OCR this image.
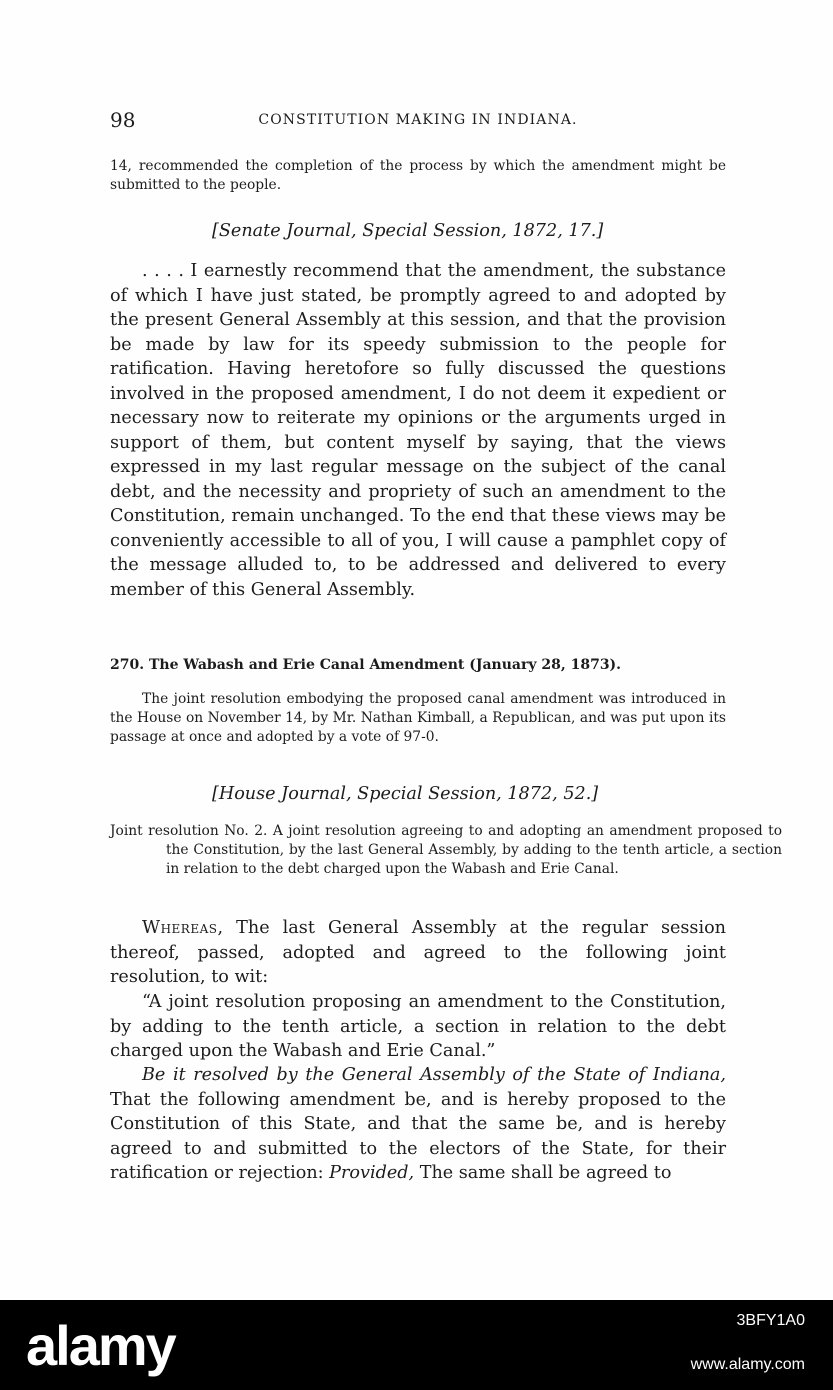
98	CONSTITUTION MAKING IN INDIANA.

14, recommended the completion of the process by which the amendment might be submitted to the people.

[Senate Journal, Special Session, 1872, 17.]

. . . . I earnestly recommend that the amendment, the substance of which I have just stated, be promptly agreed to and adopted by the present General Assembly at this session, and that the provision be made by law for its speedy submission to the people for ratification. Having heretofore so fully discussed the questions involved in the proposed amendment, I do not deem it expedient or necessary now to reiterate my opinions or the arguments urged in support of them, but content myself by saying, that the views expressed in my last regular message on the subject of the canal debt, and the necessity and propriety of such an amendment to the Constitution, remain unchanged. To the end that these views may be conveniently accessible to all of you, I will cause a pamphlet copy of the message alluded to, to be addressed and delivered to every member of this General Assembly.

270. The Wabash and Erie Canal Amendment (January 28, 1873).

The joint resolution embodying the proposed canal amendment was introduced in the House on November 14, by Mr. Nathan Kimball, a Republican, and was put upon its passage at once and adopted by a vote of 97-0.

[House Journal, Special Session, 1872, 52.]

Joint resolution No. 2. A joint resolution agreeing to and adopting an amendment proposed to the Constitution, by the last General Assembly, by adding to the tenth article, a section in relation to the debt charged upon the Wabash and Erie Canal.

Whereas, The last General Assembly at the regular session thereof, passed, adopted and agreed to the following joint resolution, to wit:

“A joint resolution proposing an amendment to the Constitution, by adding to the tenth article, a section in relation to the debt charged upon the Wabash and Erie Canal.”

Be it resolved by the General Assembly of the State of Indiana, That the following amendment be, and is hereby proposed to the Constitution of this State, and that the same be, and is hereby agreed to and submitted to the electors of the State, for their ratification or rejection: Provided, The same shall be agreed to

alamy	3BFY1A0
www.alamy.com
